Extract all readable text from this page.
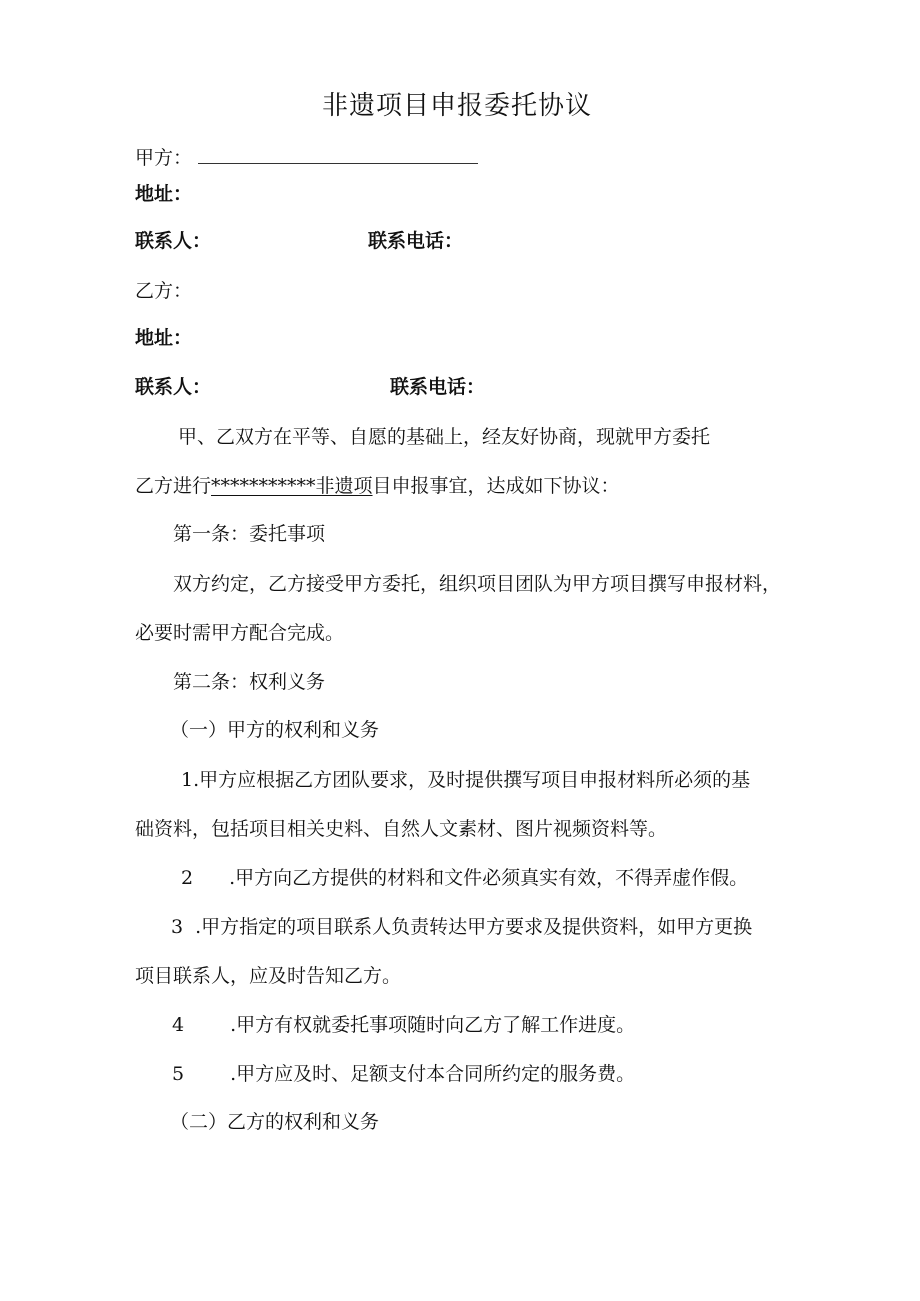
非遗项目申报委托协议
甲方：
地址：
联系人：	联系电话：
乙方：
地址：
联系人：	联系电话：
甲、乙双方在平等、自愿的基础上，经友好协商，现就甲方委托
乙方进行***********非遗项目申报事宜，达成如下协议：
第一条：委托事项
双方约定，乙方接受甲方委托，组织项目团队为甲方项目撰写申报材料，
必要时需甲方配合完成。
第二条：权利义务
（一）甲方的权利和义务
1.甲方应根据乙方团队要求，及时提供撰写项目申报材料所必须的基
础资料，包括项目相关史料、自然人文素材、图片视频资料等。
2 .甲方向乙方提供的材料和文件必须真实有效，不得弄虚作假。
3 .甲方指定的项目联系人负责转达甲方要求及提供资料，如甲方更换
项目联系人，应及时告知乙方。
4 .甲方有权就委托事项随时向乙方了解工作进度。
5 .甲方应及时、足额支付本合同所约定的服务费。
（二）乙方的权利和义务
